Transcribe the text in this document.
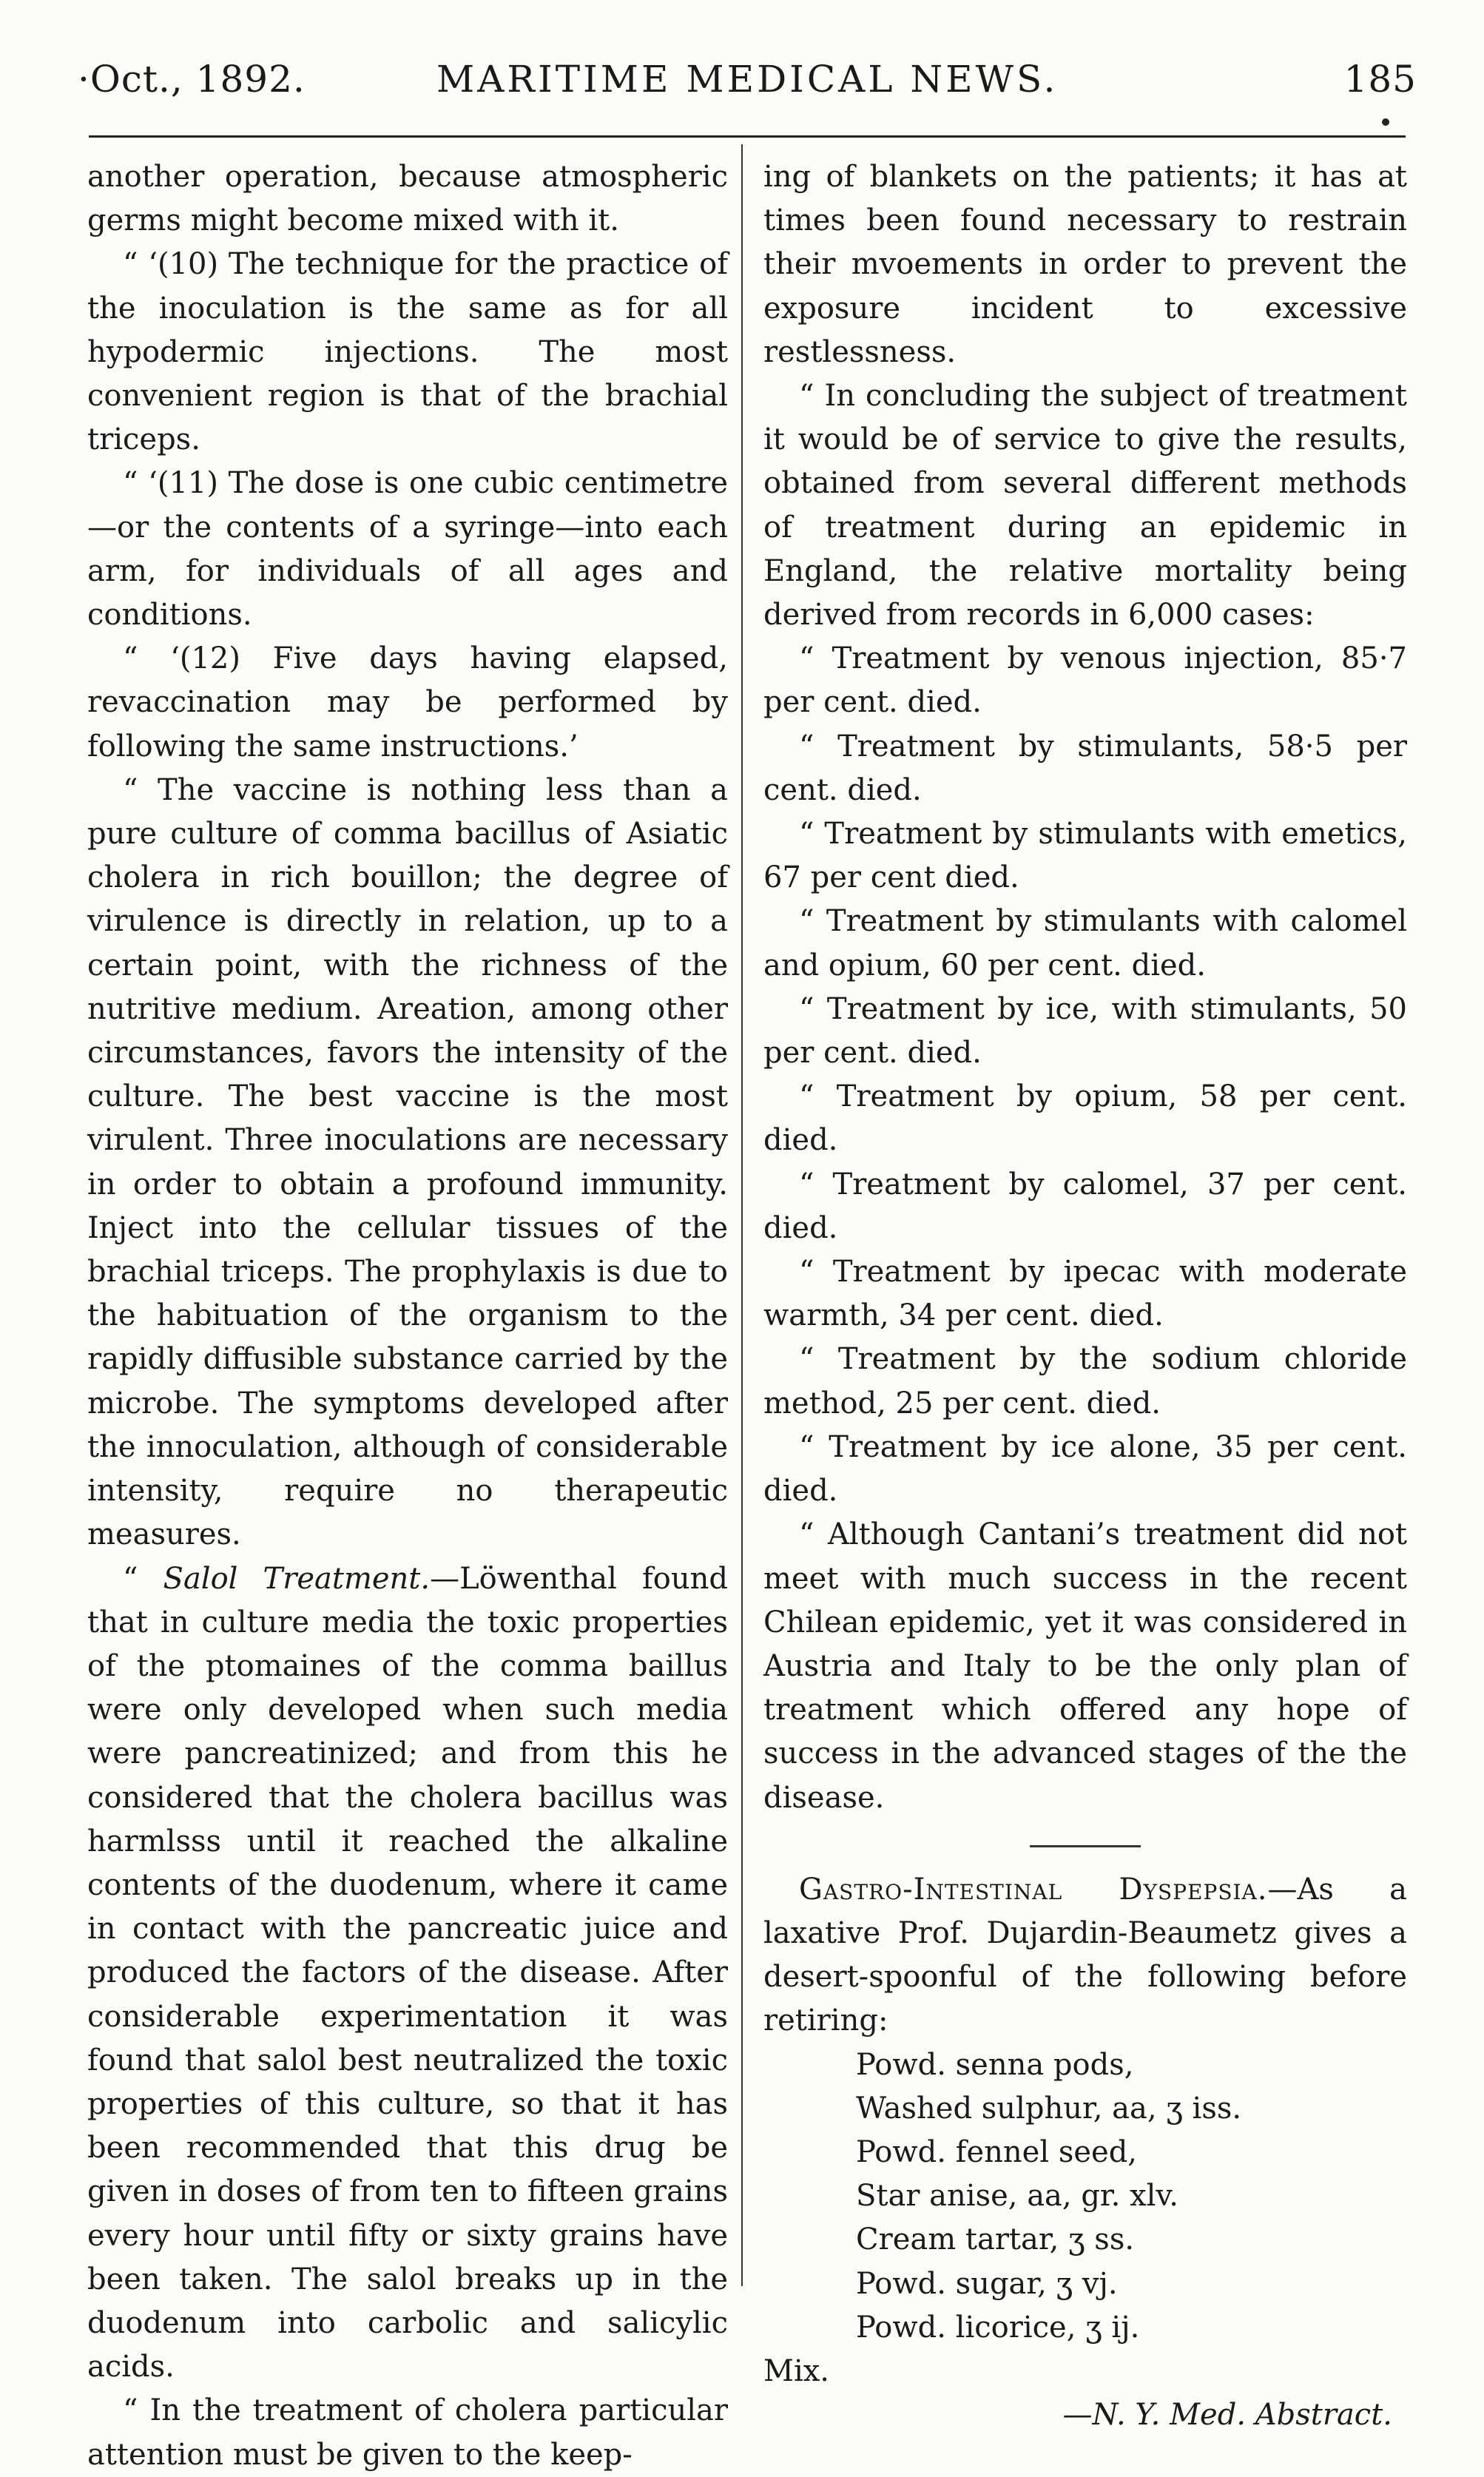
·Oct., 1892.	MARITIME MEDICAL NEWS.	185

another operation, because atmospheric germs might become mixed with it.

“ ‘(10) The technique for the practice of the inoculation is the same as for all hypodermic injections. The most convenient region is that of the brachial triceps.

“ ‘(11) The dose is one cubic centimetre—or the contents of a syringe—into each arm, for individuals of all ages and conditions.

“ ‘(12) Five days having elapsed, revaccination may be performed by following the same instructions.’

“ The vaccine is nothing less than a pure culture of comma bacillus of Asiatic cholera in rich bouillon; the degree of virulence is directly in relation, up to a certain point, with the richness of the nutritive medium. Areation, among other circumstances, favors the intensity of the culture. The best vaccine is the most virulent. Three inoculations are necessary in order to obtain a profound immunity. Inject into the cellular tissues of the brachial triceps. The prophylaxis is due to the habituation of the organism to the rapidly diffusible substance carried by the microbe. The symptoms developed after the innoculation, although of considerable intensity, require no therapeutic measures.

“ Salol Treatment.—Löwenthal found that in culture media the toxic properties of the ptomaines of the comma baillus were only developed when such media were pancreatinized; and from this he considered that the cholera bacillus was harmlsss until it reached the alkaline contents of the duodenum, where it came in contact with the pancreatic juice and produced the factors of the disease. After considerable experimentation it was found that salol best neutralized the toxic properties of this culture, so that it has been recommended that this drug be given in doses of from ten to fifteen grains every hour until fifty or sixty grains have been taken. The salol breaks up in the duodenum into carbolic and salicylic acids.

“ In the treatment of cholera particular attention must be given to the keep-

ing of blankets on the patients; it has at times been found necessary to restrain their mvoements in order to prevent the exposure incident to excessive restlessness.

“ In concluding the subject of treatment it would be of service to give the results, obtained from several different methods of treatment during an epidemic in England, the relative mortality being derived from records in 6,000 cases:

“ Treatment by venous injection, 85·7 per cent. died.

“ Treatment by stimulants, 58·5 per cent. died.

“ Treatment by stimulants with emetics, 67 per cent died.

“ Treatment by stimulants with calomel and opium, 60 per cent. died.

“ Treatment by ice, with stimulants, 50 per cent. died.

“ Treatment by opium, 58 per cent. died.

“ Treatment by calomel, 37 per cent. died.

“ Treatment by ipecac with moderate warmth, 34 per cent. died.

“ Treatment by the sodium chloride method, 25 per cent. died.

“ Treatment by ice alone, 35 per cent. died.

“ Although Cantani’s treatment did not meet with much success in the recent Chilean epidemic, yet it was considered in Austria and Italy to be the only plan of treatment which offered any hope of success in the advanced stages of the the disease.

Gastro-Intestinal Dyspepsia.—As a laxative Prof. Dujardin-Beaumetz gives a desert-spoonful of the following before retiring:

Powd. senna pods,
Washed sulphur, aa, ʒ iss.
Powd. fennel seed,
Star anise, aa, gr. xlv.
Cream tartar, ʒ ss.
Powd. sugar, ʒ vj.
Powd. licorice, ʒ ij.

Mix.

—N. Y. Med. Abstract.
